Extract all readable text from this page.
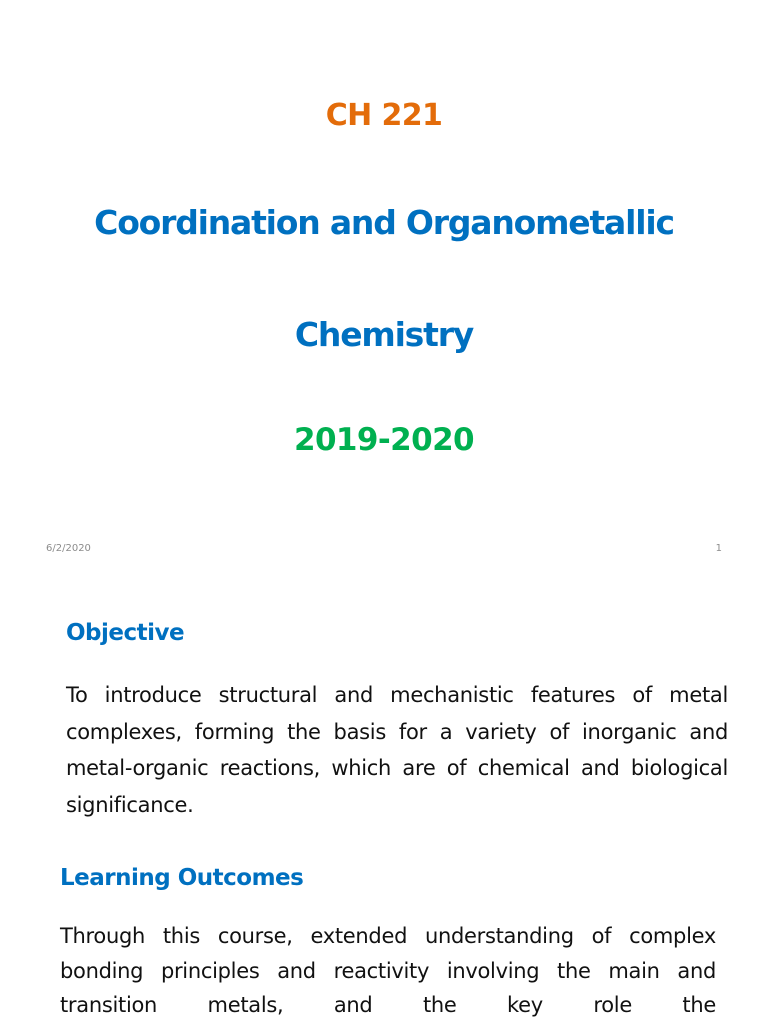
CH 221
Coordination and Organometallic
Chemistry
2019-2020
6/2/2020	1
Objective
To introduce structural and mechanistic features of metal complexes, forming the basis for a variety of inorganic and metal-organic reactions, which are of chemical and biological significance.
Learning Outcomes
Through this course, extended understanding of complex bonding principles and reactivity involving the main and transition metals, and the key role the
